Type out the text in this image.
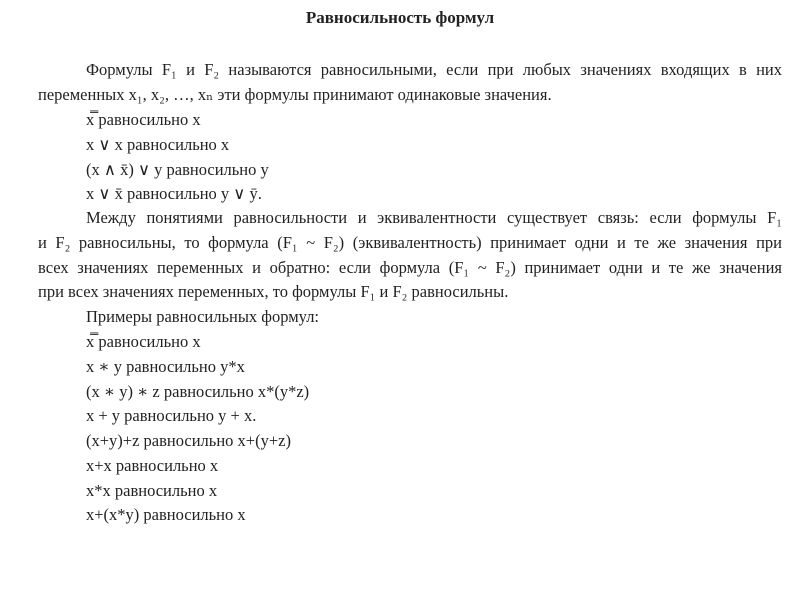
Равносильность формул
Формулы F₁ и F₂ называются равносильными, если при любых значениях входящих в них
переменных x₁, x₂, …, xₙ эти формулы принимают одинаковые значения.
x̿ равносильно x
x ∨ x равносильно x
(x ∧ x̄) ∨ y равносильно y
x ∨ x̄ равносильно y ∨ ȳ.
Между понятиями равносильности и эквивалентности существует связь: если формулы F₁
и F₂ равносильны, то формула (F₁ ~ F₂) (эквивалентность) принимает одни и те же значения при
всех значениях переменных и обратно: если формула (F₁ ~ F₂) принимает одни и те же значения
при всех значениях переменных, то формулы F₁ и F₂ равносильны.
Примеры равносильных формул:
x̿ равносильно x
x ∗ y равносильно y*x
(x ∗ y) ∗ z равносильно x*(y*z)
x + y равносильно y + x.
(x+y)+z равносильно x+(y+z)
x+x равносильно x
x*x равносильно x
x+(x*y) равносильно x
